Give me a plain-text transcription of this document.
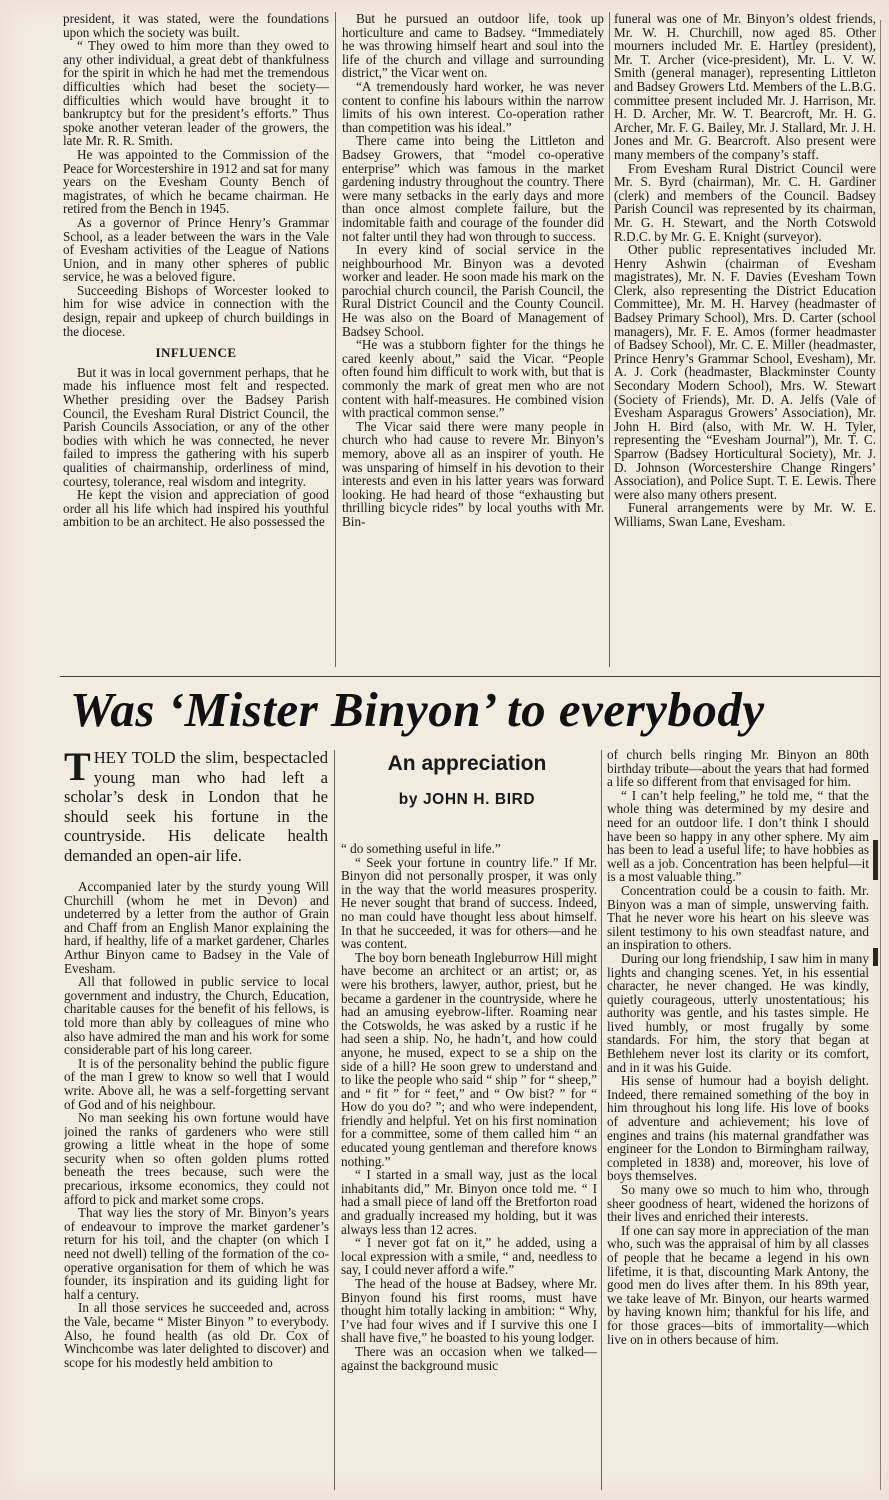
president, it was stated, were the foundations upon which the society was built.

“ They owed to him more than they owed to any other individual, a great debt of thankfulness for the spirit in which he had met the tremendous difficulties which had beset the society—difficulties which would have brought it to bankruptcy but for the president’s efforts.” Thus spoke another veteran leader of the growers, the late Mr. R. R. Smith.

He was appointed to the Commission of the Peace for Worcestershire in 1912 and sat for many years on the Evesham County Bench of magistrates, of which he became chairman. He retired from the Bench in 1945.

As a governor of Prince Henry’s Grammar School, as a leader between the wars in the Vale of Evesham activities of the League of Nations Union, and in many other spheres of public service, he was a beloved figure.

Succeeding Bishops of Worcester looked to him for wise advice in connection with the design, repair and upkeep of church buildings in the diocese.

INFLUENCE

But it was in local government perhaps, that he made his influence most felt and respected. Whether presiding over the Badsey Parish Council, the Evesham Rural District Council, the Parish Councils Association, or any of the other bodies with which he was connected, he never failed to impress the gathering with his superb qualities of chairmanship, orderliness of mind, courtesy, tolerance, real wisdom and integrity.

He kept the vision and appreciation of good order all his life which had inspired his youthful ambition to be an architect. He also possessed the

But he pursued an outdoor life, took up horticulture and came to Badsey. “Immediately he was throwing himself heart and soul into the life of the church and village and surrounding district,” the Vicar went on.

“A tremendously hard worker, he was never content to confine his labours within the narrow limits of his own interest. Co-operation rather than competition was his ideal.”

There came into being the Littleton and Badsey Growers, that “model co-operative enterprise” which was famous in the market gardening industry throughout the country. There were many setbacks in the early days and more than once almost complete failure, but the indomitable faith and courage of the founder did not falter until they had won through to success.

In every kind of social service in the neighbourhood Mr. Binyon was a devoted worker and leader. He soon made his mark on the parochial church council, the Parish Council, the Rural District Council and the County Council. He was also on the Board of Management of Badsey School.

“He was a stubborn fighter for the things he cared keenly about,” said the Vicar. “People often found him difficult to work with, but that is commonly the mark of great men who are not content with half-measures. He combined vision with practical common sense.”

The Vicar said there were many people in church who had cause to revere Mr. Binyon’s memory, above all as an inspirer of youth. He was unsparing of himself in his devotion to their interests and even in his latter years was forward looking. He had heard of those “exhausting but thrilling bicycle rides” by local youths with Mr. Bin-

funeral was one of Mr. Binyon’s oldest friends, Mr. W. H. Churchill, now aged 85. Other mourners included Mr. E. Hartley (president), Mr. T. Archer (vice-president), Mr. L. V. W. Smith (general manager), representing Littleton and Badsey Growers Ltd. Members of the L.B.G. committee present included Mr. J. Harrison, Mr. H. D. Archer, Mr. W. T. Bearcroft, Mr. H. G. Archer, Mr. F. G. Bailey, Mr. J. Stallard, Mr. J. H. Jones and Mr. G. Bearcroft. Also present were many members of the company’s staff.

From Evesham Rural District Council were Mr. S. Byrd (chairman), Mr. C. H. Gardiner (clerk) and members of the Council. Badsey Parish Council was represented by its chairman, Mr. G. H. Stewart, and the North Cotswold R.D.C. by Mr. G. E. Knight (surveyor).

Other public representatives included Mr. Henry Ashwin (chairman of Evesham magistrates), Mr. N. F. Davies (Evesham Town Clerk, also representing the District Education Committee), Mr. M. H. Harvey (headmaster of Badsey Primary School), Mrs. D. Carter (school managers), Mr. F. E. Amos (former headmaster of Badsey School), Mr. C. E. Miller (headmaster, Prince Henry’s Grammar School, Evesham), Mr. A. J. Cork (headmaster, Blackminster County Secondary Modern School), Mrs. W. Stewart (Society of Friends), Mr. D. A. Jelfs (Vale of Evesham Asparagus Growers’ Association), Mr. John H. Bird (also, with Mr. W. H. Tyler, representing the “Evesham Journal”), Mr. T. C. Sparrow (Badsey Horticultural Society), Mr. J. D. Johnson (Worcestershire Change Ringers’ Association), and Police Supt. T. E. Lewis. There were also many others present.

Funeral arrangements were by Mr. W. E. Williams, Swan Lane, Evesham.

Was ‘Mister Binyon’ to everybody
THEY TOLD the slim, bespectacled young man who had left a scholar’s desk in London that he should seek his fortune in the countryside. His delicate health demanded an open-air life.
An appreciation
by JOHN H. BIRD

Accompanied later by the sturdy young Will Churchill (whom he met in Devon) and undeterred by a letter from the author of Grain and Chaff from an English Manor explaining the hard, if healthy, life of a market gardener, Charles Arthur Binyon came to Badsey in the Vale of Evesham.

All that followed in public service to local government and industry, the Church, Education, charitable causes for the benefit of his fellows, is told more than ably by colleagues of mine who also have admired the man and his work for some considerable part of his long career.

It is of the personality behind the public figure of the man I grew to know so well that I would write. Above all, he was a self-forgetting servant of God and of his neighbour.

No man seeking his own fortune would have joined the ranks of gardeners who were still growing a little wheat in the hope of some security when so often golden plums rotted beneath the trees because, such were the precarious, irksome economics, they could not afford to pick and market some crops.

That way lies the story of Mr. Binyon’s years of endeavour to improve the market gardener’s return for his toil, and the chapter (on which I need not dwell) telling of the formation of the co-operative organisation for them of which he was founder, its inspiration and its guiding light for half a century.

In all those services he succeeded and, across the Vale, became “ Mister Binyon ” to everybody. Also, he found health (as old Dr. Cox of Winchcombe was later delighted to discover) and scope for his modestly held ambition to

“ do something useful in life.”

“ Seek your fortune in country life.” If Mr. Binyon did not personally prosper, it was only in the way that the world measures prosperity. He never sought that brand of success. Indeed, no man could have thought less about himself. In that he succeeded, it was for others—and he was content.

The boy born beneath Ingleburrow Hill might have become an architect or an artist; or, as were his brothers, lawyer, author, priest, but he became a gardener in the countryside, where he had an amusing eyebrow-lifter. Roaming near the Cotswolds, he was asked by a rustic if he had seen a ship. No, he hadn’t, and how could anyone, he mused, expect to se a ship on the side of a hill? He soon grew to understand and to like the people who said “ ship ” for “ sheep,” and “ fit ” for “ feet,” and “ Ow bist? ” for “ How do you do? ”; and who were independent, friendly and helpful. Yet on his first nomination for a committee, some of them called him “ an educated young gentleman and therefore knows nothing.”

“ I started in a small way, just as the local inhabitants did,” Mr. Binyon once told me. “ I had a small piece of land off the Bretforton road and gradually increased my holding, but it was always less than 12 acres.

“ I never got fat on it,” he added, using a local expression with a smile, “ and, needless to say, I could never afford a wife.”

The head of the house at Badsey, where Mr. Binyon found his first rooms, must have thought him totally lacking in ambition: “ Why, I’ve had four wives and if I survive this one I shall have five,” he boasted to his young lodger.

There was an occasion when we talked—against the background music

of church bells ringing Mr. Binyon an 80th birthday tribute—about the years that had formed a life so different from that envisaged for him.

“ I can’t help feeling,” he told me, “ that the whole thing was determined by my desire and need for an outdoor life. I don’t think I should have been so happy in any other sphere. My aim has been to lead a useful life; to have hobbies as well as a job. Concentration has been helpful—it is a most valuable thing.”

Concentration could be a cousin to faith. Mr. Binyon was a man of simple, unswerving faith. That he never wore his heart on his sleeve was silent testimony to his own steadfast nature, and an inspiration to others.

During our long friendship, I saw him in many lights and changing scenes. Yet, in his essential character, he never changed. He was kindly, quietly courageous, utterly unostentatious; his authority was gentle, and his tastes simple. He lived humbly, or most frugally by some standards. For him, the story that began at Bethlehem never lost its clarity or its comfort, and in it was his Guide.

His sense of humour had a boyish delight. Indeed, there remained something of the boy in him throughout his long life. His love of books of adventure and achievement; his love of engines and trains (his maternal grandfather was engineer for the London to Birmingham railway, completed in 1838) and, moreover, his love of boys themselves.

So many owe so much to him who, through sheer goodness of heart, widened the horizons of their lives and enriched their interests.

If one can say more in appreciation of the man who, such was the appraisal of him by all classes of people that he became a legend in his own lifetime, it is that, discounting Mark Antony, the good men do lives after them. In his 89th year, we take leave of Mr. Binyon, our hearts warmed by having known him; thankful for his life, and for those graces—bits of immortality—which live on in others because of him.
